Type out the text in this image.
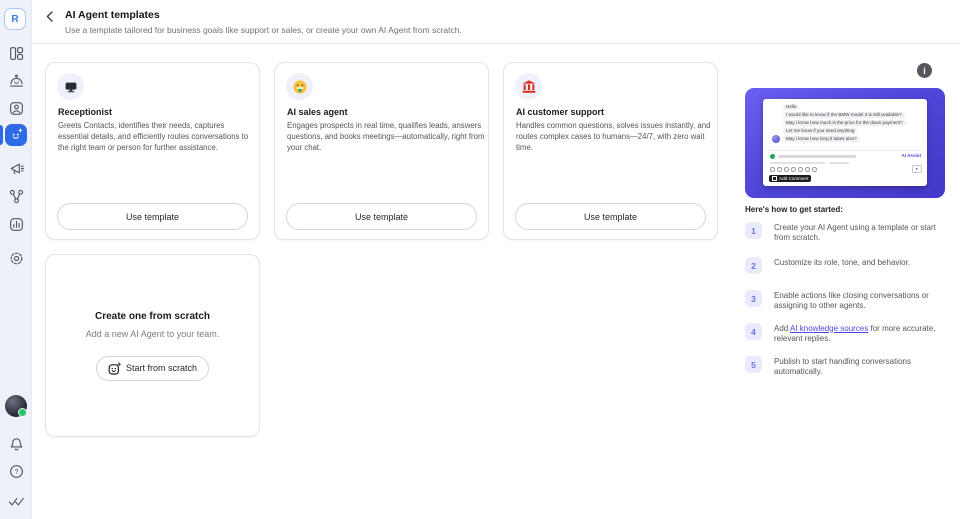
R
?
AI Agent templates
Use a template tailored for business goals like support or sales, or create your own AI Agent from scratch.
Receptionist
Greets Contacts, identifies their needs, captures essential details, and efficiently routes conversations to the right team or person for further assistance.
Use template
AI sales agent
Engages prospects in real time, qualifies leads, answers questions, and books meetings—automatically, right from your chat.
Use template
AI customer support
Handles common questions, solves issues instantly, and routes complex cases to humans—24/7, with zero wait time.
Use template
Create one from scratch
Add a new AI Agent to your team.
Start from scratch
i
Hello
I would like to know if the BMW model 3 is still available?
May i know how much is the price for the down payment?
Let me know if you need anything
May i know how long it takes also?
AI Assist
▸
Add Comment
Here's how to get started:
1	Create your AI Agent using a template or start from scratch.
2	Customize its role, tone, and behavior.
3	Enable actions like closing conversations or assigning to other agents.
4	Add AI knowledge sources for more accurate, relevant replies.
5	Publish to start handling conversations automatically.
